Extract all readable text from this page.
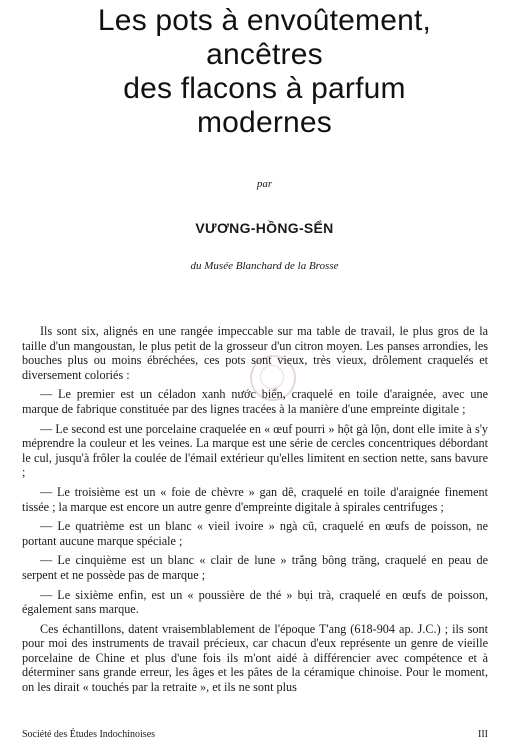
Les pots à envoûtement,
ancêtres
des flacons à parfum
modernes
par
VƯƠNG-HỒNG-SỂN
du Musée Blanchard de la Brosse

Ils sont six, alignés en une rangée impeccable sur ma table de travail, le plus gros de la taille d'un mangoustan, le plus petit de la grosseur d'un citron moyen. Les panses arrondies, les bouches plus ou moins ébréchées, ces pots sont vieux, très vieux, drôlement craquelés et diversement coloriés :

— Le premier est un céladon xanh nước biển, craquelé en toile d'araignée, avec une marque de fabrique constituée par des lignes tracées à la manière d'une empreinte digitale ;

— Le second est une porcelaine craquelée en « œuf pourri » hột gà lộn, dont elle imite à s'y méprendre la couleur et les veines. La marque est une série de cercles concentriques débordant le cul, jusqu'à frôler la coulée de l'émail extérieur qu'elles limitent en section nette, sans bavure ;

— Le troisième est un « foie de chèvre » gan dê, craquelé en toile d'araignée finement tissée ; la marque est encore un autre genre d'empreinte digitale à spirales centrifuges ;

— Le quatrième est un blanc « vieil ivoire » ngà cũ, craquelé en œufs de poisson, ne portant aucune marque spéciale ;

— Le cinquième est un blanc « clair de lune » trắng bông trăng, craquelé en peau de serpent et ne possède pas de marque ;

— Le sixième enfin, est un « poussière de thé » bụi trà, craquelé en œufs de poisson, également sans marque.

Ces échantillons, datent vraisemblablement de l'époque T'ang (618-904 ap. J.C.) ; ils sont pour moi des instruments de travail précieux, car chacun d'eux représente un genre de vieille porcelaine de Chine et plus d'une fois ils m'ont aidé à différencier avec compétence et à déterminer sans grande erreur, les âges et les pâtes de la céramique chinoise. Pour le moment, on les dirait « touchés par la retraite », et ils ne sont plus

Société des Études Indochinoises	III
